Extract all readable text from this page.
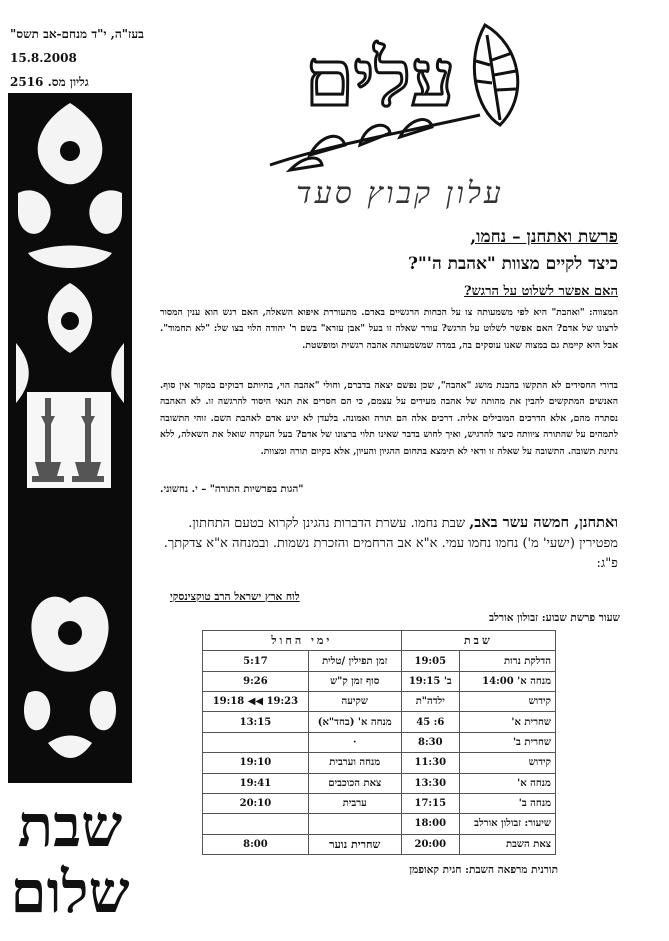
בעז"ה, י"ד מנחם-אב תשס"
15.8.2008
גליון מס. 2516
שבת
שלום
עלים
עלון קבוץ סעד
פרשת ואתחנן – נחמו,
כיצד לקיים מצוות "אהבת ה'"?
האם אפשר לשלוט על הרגש?
המצווה: "ואהבת" היא לפי משמעותה צו על הכחות הרגשיים באדם. מתעוררת איפוא השאלה, האם רגש הוא ענין המסור לרצונו של אדם? האם אפשר לשלוט על הרגש? עורר שאלה זו בעל "אבן עזרא" בשם ר' יהודה הלוי בצו של: "לא תחמוד". אבל היא קיימת גם במצוה שאנו עוסקים בה, במדה שמשמעותה אהבה רגשית ומופשטת.
בדורי החסידים לא התקשו בהבנת מושג "אהבה", שכן נפשם יצאה בדברם, וחולי "אהבה הוי, בהיותם דבוקים במקור אין סוף. האנשים המתקשים להבין את מהותה של אהבה מעידים על עצמם, כי הם חסרים את תנאי היסוד להרגשה זו. לא האהבה נסתרה מהם, אלא הדרכים המובילים אליה. דרכים אלה הם תורה ואמונה. בלעדן לא יגיע אדם לאהבת השם. זוהי התשובה לתמהים על שהתורה ציוותה כיצד להרגיש, ואיך לחוש בדבר שאינו תלוי ברצונו של אדם? בעל העקדה שואל את השאלה, ללא נתינת תשובה. התשובה על שאלה זו ודאי לא תימצא בתחום ההגיון והעיון, אלא בקיום תורה ומצוות.
"הגות בפרשיות התורה" – י. נחשוני.
ואתחנן, חמשה עשר באב, שבת נחמו. עשרת הדברות נהגינן לקרוא בטעם התחתון. מפטירין (ישעי' מ') נחמו נחמו עמי. א"א אב הרחמים והזכרת נשמות. ובמנחה א"א צדקתך. פ"ג:
לוח ארץ ישראל הרב טוקצינסקי
שעור פרשת שבוע: זבולון אורלב
שבת		ימי החול	
הדלקת נרות	19:05	זמן תפילין /טלית	5:17
מנחה א' 14:00	ב' 19:15	סוף זמן ק"ש	9:26
קידוש	ילדה"ת	שקיעה	19:23 ◀◀ 19:18
שחרית א'	6: 45	מנחה א' (בחד"א)	13:15
שחרית ב'	8:30	·	
קידוש	11:30	מנחה וערבית	19:10
מנחה א'	13:30	צאת הכוכבים	19:41
מנחה ב'	17:15	ערבית	20:10
שיעור: זבולון אורלב	18:00		
צאת השבת	20:00	שחרית נוער	8:00
תורנית מרפאה השבת: חגית קאופמן
